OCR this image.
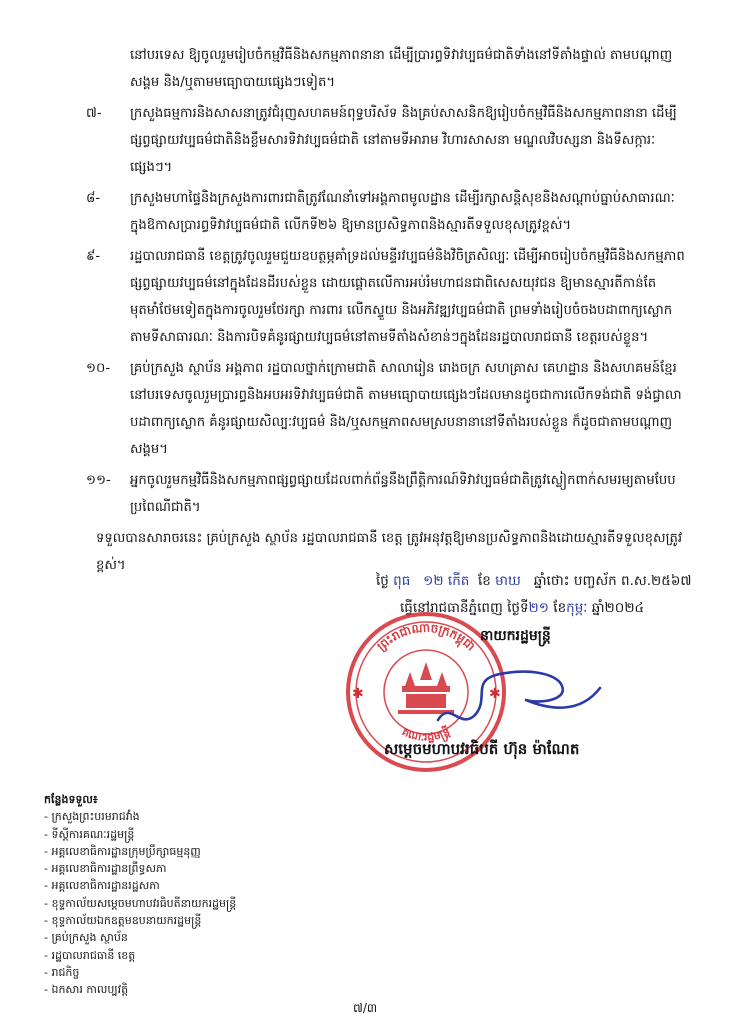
នៅបរទេស ឱ្យចូលរួមរៀបចំកម្មវិធីនិងសកម្មភាពនានា ដើម្បីប្រារព្ធទិវាវប្បធម៌ជាតិទាំងនៅទីតាំងផ្ទាល់ តាមបណ្តាញសង្គម និង/ឬតាមមធ្យោបាយផ្សេងៗទៀត។

៧-	ក្រសួងធម្មការនិងសាសនាត្រូវជំរុញសហគមន៍ពុទ្ធបរិស័ទ និងគ្រប់សាសនិកឱ្យរៀបចំកម្មវិធីនិងសកម្មភាពនានា ដើម្បីផ្សព្វផ្សាយវប្បធម៌ជាតិនិងខ្លឹមសារទិវាវប្បធម៌ជាតិ នៅតាមទីអារាម វិហារសាសនា មណ្ឌលវិបស្សនា និងទីសក្ការៈផ្សេងៗ។

៨-	ក្រសួងមហាផ្ទៃនិងក្រសួងការពារជាតិត្រូវណែនាំទៅអង្គភាពមូលដ្ឋាន ដើម្បីរក្សាសន្តិសុខនិងសណ្តាប់ធ្នាប់សាធារណៈក្នុងឱកាសប្រារព្ធទិវាវប្បធម៌ជាតិ លើកទី២៦ ឱ្យមានប្រសិទ្ធភាពនិងស្មារតីទទួលខុសត្រូវខ្ពស់។

៩-	រដ្ឋបាលរាជធានី ខេត្តត្រូវចូលរួមជួយឧបត្ថម្ភគាំទ្រដល់មន្ទីរវប្បធម៌និងវិចិត្រសិល្បៈ ដើម្បីអាចរៀបចំកម្មវិធីនិងសកម្មភាពផ្សព្វផ្សាយវប្បធម៌នៅក្នុងដែនដីរបស់ខ្លួន ដោយផ្តោតលើការអប់រំមហាជនជាពិសេសយុវជន ឱ្យមានស្មារតីកាន់តែមុតមាំថែមទៀតក្នុងការចូលរួមថែរក្សា ការពារ លើកស្ទួយ និងអភិវឌ្ឍវប្បធម៌ជាតិ ព្រមទាំងរៀបចំចងបដាពាក្យស្លោកតាមទីសាធារណៈ និងការបិទគំនូរផ្សាយវប្បធម៌នៅតាមទីតាំងសំខាន់ៗក្នុងដែនរដ្ឋបាលរាជធានី ខេត្តរបស់ខ្លួន។

១០-	គ្រប់ក្រសួង ស្ថាប័ន អង្គភាព រដ្ឋបាលថ្នាក់ក្រោមជាតិ សាលារៀន រោងចក្រ សហគ្រាស គេហដ្ឋាន និងសហគមន៍ខ្មែរនៅបរទេសចូលរួមប្រារព្ធនិងអបអរទិវាវប្បធម៌ជាតិ តាមមធ្យោបាយផ្សេងៗដែលមានដូចជាការលើកទង់ជាតិ ទង់ជ្វាលា បដាពាក្យស្លោក គំនូរផ្សាយសិល្បៈវប្បធម៌ និង/ឬសកម្មភាពសមស្របនានានៅទីតាំងរបស់ខ្លួន ក៏ដូចជាតាមបណ្តាញសង្គម។

១១-	អ្នកចូលរួមកម្មវិធីនិងសកម្មភាពផ្សព្វផ្សាយដែលពាក់ព័ន្ធនឹងព្រឹត្តិការណ៍ទិវាវប្បធម៌ជាតិត្រូវស្លៀកពាក់សមរម្យតាមបែបប្រពៃណីជាតិ។

ទទួលបានសារាចរនេះ គ្រប់ក្រសួង ស្ថាប័ន រដ្ឋបាលរាជធានី ខេត្ត ត្រូវអនុវត្តឱ្យមានប្រសិទ្ធភាពនិងដោយស្មារតីទទួលខុសត្រូវខ្ពស់។

ថ្ងៃ ពុធ ១២ កើត ខែ មាឃ ឆ្នាំថោះ បញ្ចស័ក ព.ស.២៥៦៧
ធ្វើនៅរាជធានីភ្នំពេញ ថ្ងៃទី២១ ខែកុម្ភៈ ឆ្នាំ២០២៤
ព្រះរាជាណាចក្រកម្ពុជា
គណៈរដ្ឋមន្ត្រី
✱	✱
នាយករដ្ឋមន្ត្រី
សម្តេចមហាបវរធិបតី ហ៊ុន ម៉ាណែត
កន្លែងទទួល៖
- ក្រសួងព្រះបរមរាជវាំង
- ទីស្តីការគណៈរដ្ឋមន្ត្រី
- អគ្គលេខាធិការដ្ឋានក្រុមប្រឹក្សាធម្មនុញ្ញ
- អគ្គលេខាធិការដ្ឋានព្រឹទ្ធសភា
- អគ្គលេខាធិការដ្ឋានរដ្ឋសភា
- ខុទ្ទកាល័យសម្តេចមហាបវរធិបតីនាយករដ្ឋមន្ត្រី
- ខុទ្ទកាល័យឯកឧត្តមឧបនាយករដ្ឋមន្ត្រី
- គ្រប់ក្រសួង ស្ថាប័ន
- រដ្ឋបាលរាជធានី ខេត្ត
- រាជកិច្ច
- ឯកសារ កាលប្បវត្តិ
៧/៣
